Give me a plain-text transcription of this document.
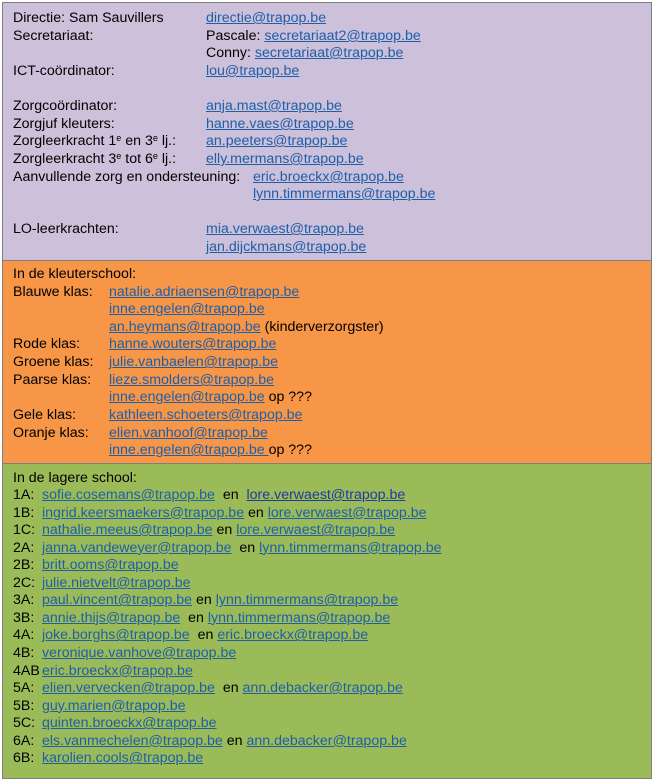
Directie: Sam Sauvillers	directie@trapop.be
Secretariaat:	Pascale: secretariaat2@trapop.be
Conny: secretariaat@trapop.be
ICT-coördinator:	lou@trapop.be
Zorgcoördinator:	anja.mast@trapop.be
Zorgjuf kleuters:	hanne.vaes@trapop.be
Zorgleerkracht 1e en 3e lj.: an.peeters@trapop.be
Zorgleerkracht 3e tot 6e lj.: elly.mermans@trapop.be
Aanvullende zorg en ondersteuning: eric.broeckx@trapop.be
lynn.timmermans@trapop.be
LO-leerkrachten:	mia.verwaest@trapop.be
jan.dijckmans@trapop.be
In de kleuterschool:
Blauwe klas: natalie.adriaensen@trapop.be
inne.engelen@trapop.be
an.heymans@trapop.be (kinderverzorgster)
Rode klas: hanne.wouters@trapop.be
Groene klas: julie.vanbaelen@trapop.be
Paarse klas: lieze.smolders@trapop.be
inne.engelen@trapop.be op ???
Gele klas: kathleen.schoeters@trapop.be
Oranje klas: elien.vanhoof@trapop.be
inne.engelen@trapop.be op ???
In de lagere school:
1A: sofie.cosemans@trapop.be  en  lore.verwaest@trapop.be
1B: ingrid.keersmaekers@trapop.be en lore.verwaest@trapop.be
1C: nathalie.meeus@trapop.be en lore.verwaest@trapop.be
2A: janna.vandeweyer@trapop.be  en lynn.timmermans@trapop.be
2B: britt.ooms@trapop.be
2C: julie.nietvelt@trapop.be
3A: paul.vincent@trapop.be en lynn.timmermans@trapop.be
3B: annie.thijs@trapop.be  en lynn.timmermans@trapop.be
4A: joke.borghs@trapop.be  en eric.broeckx@trapop.be
4B: veronique.vanhove@trapop.be
4AB eric.broeckx@trapop.be
5A: elien.vervecken@trapop.be  en ann.debacker@trapop.be
5B: guy.marien@trapop.be
5C: quinten.broeckx@trapop.be
6A: els.vanmechelen@trapop.be en ann.debacker@trapop.be
6B: karolien.cools@trapop.be
